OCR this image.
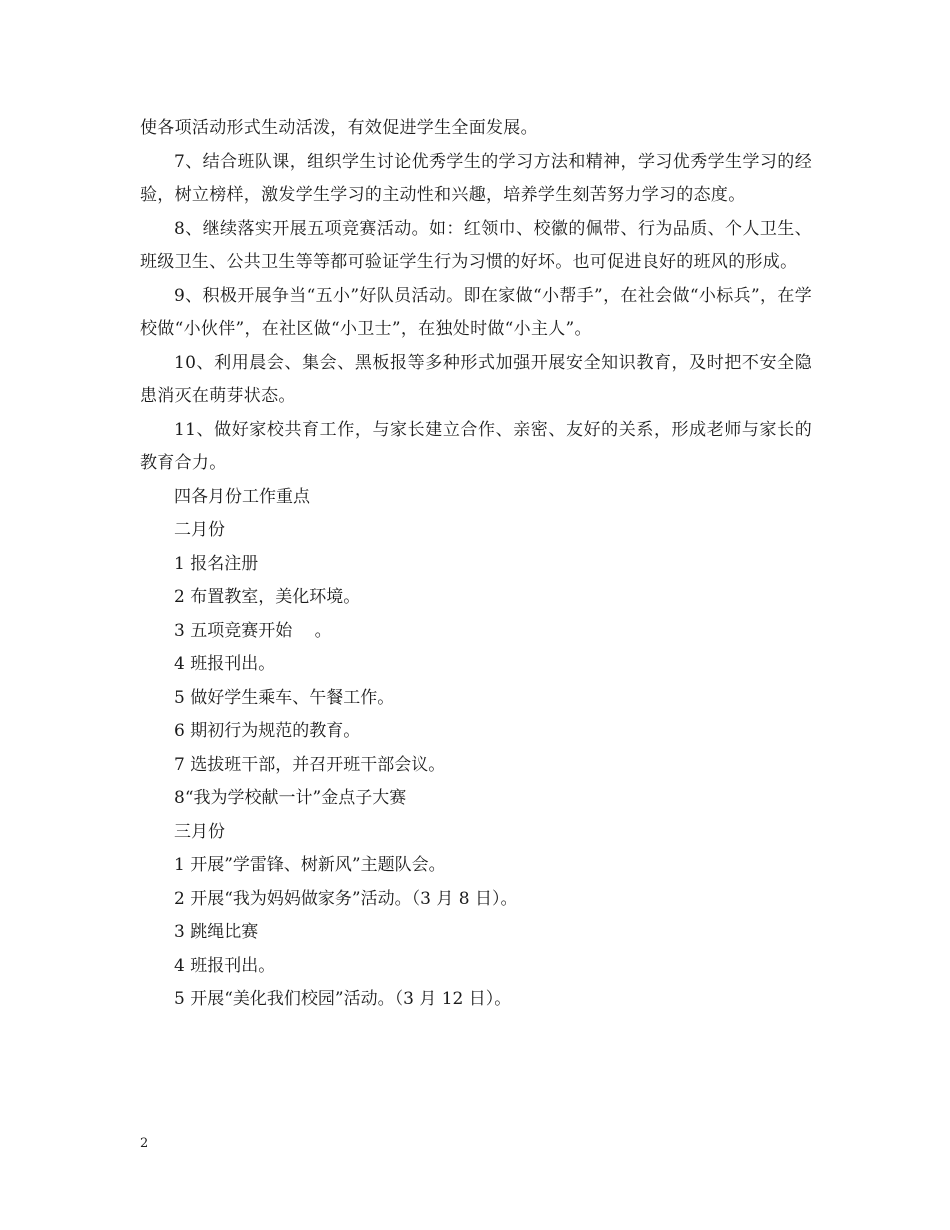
使各项活动形式生动活泼，有效促进学生全面发展。

7、结合班队课，组织学生讨论优秀学生的学习方法和精神，学习优秀学生学习的经验，树立榜样，激发学生学习的主动性和兴趣，培养学生刻苦努力学习的态度。

8、继续落实开展五项竞赛活动。如：红领巾、校徽的佩带、行为品质、个人卫生、班级卫生、公共卫生等等都可验证学生行为习惯的好坏。也可促进良好的班风的形成。

9、积极开展争当“五小”好队员活动。即在家做“小帮手”，在社会做“小标兵”，在学校做“小伙伴”，在社区做“小卫士”，在独处时做“小主人”。

10、利用晨会、集会、黑板报等多种形式加强开展安全知识教育，及时把不安全隐患消灭在萌芽状态。

11、做好家校共育工作，与家长建立合作、亲密、友好的关系，形成老师与家长的教育合力。

四各月份工作重点

二月份

1 报名注册

2 布置教室，美化环境。

3 五项竞赛开始 　。

4 班报刊出。

5 做好学生乘车、午餐工作。

6 期初行为规范的教育。

7 选拔班干部，并召开班干部会议。

8“我为学校献一计”金点子大赛

三月份

1 开展”学雷锋、树新风”主题队会。

2 开展“我为妈妈做家务”活动。（3 月 8 日）。

3 跳绳比赛

4 班报刊出。

5 开展“美化我们校园”活动。（3 月 12 日）。

2
